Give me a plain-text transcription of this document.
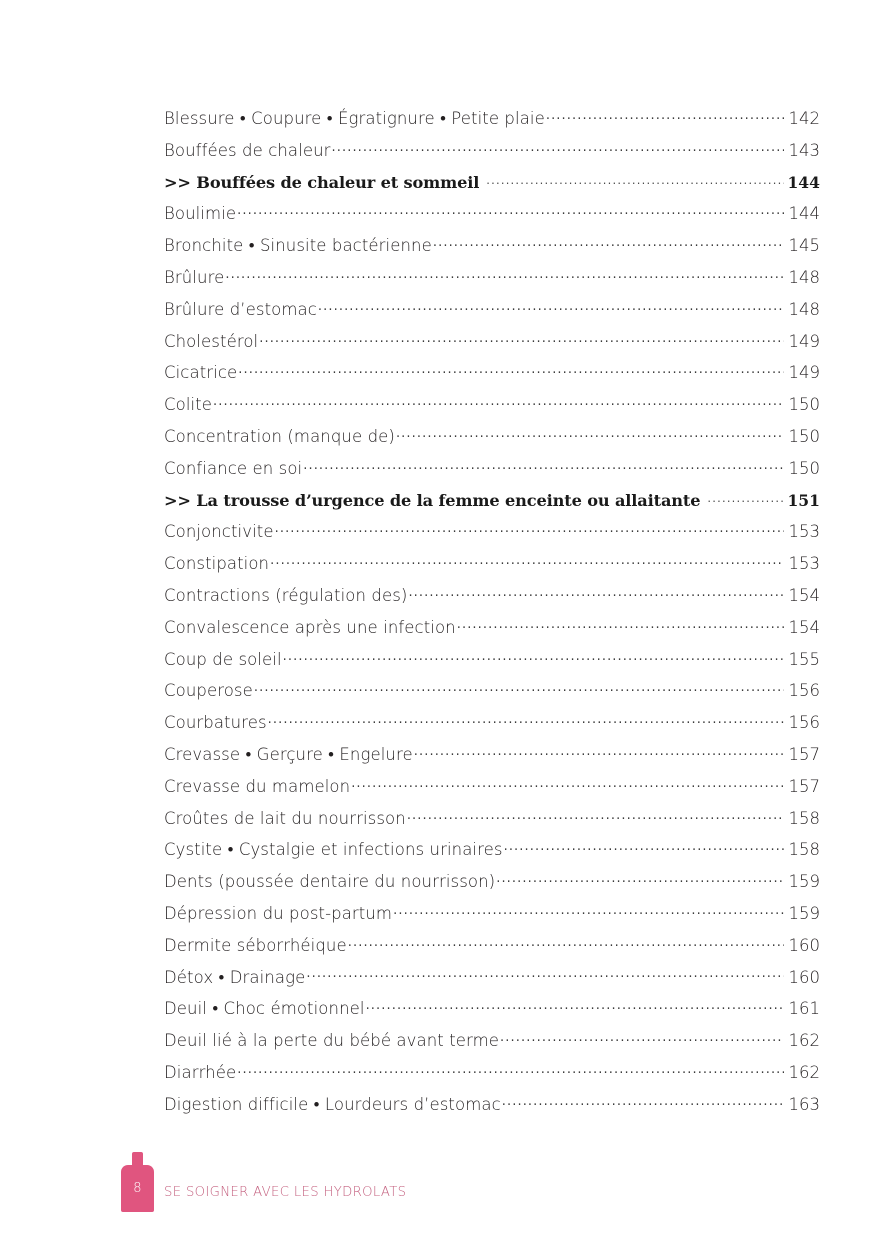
Blessure • Coupure • Égratignure • Petite plaie .....	142
Bouffées de chaleur .....	143
>> Bouffées de chaleur et sommeil .....	144
Boulimie .....	144
Bronchite • Sinusite bactérienne .....	145
Brûlure .....	148
Brûlure d’estomac .....	148
Cholestérol .....	149
Cicatrice .....	149
Colite .....	150
Concentration (manque de) .....	150
Confiance en soi .....	150
>> La trousse d’urgence de la femme enceinte ou allaitante .....	151
Conjonctivite .....	153
Constipation .....	153
Contractions (régulation des) .....	154
Convalescence après une infection .....	154
Coup de soleil .....	155
Couperose .....	156
Courbatures .....	156
Crevasse • Gerçure • Engelure .....	157
Crevasse du mamelon .....	157
Croûtes de lait du nourrisson .....	158
Cystite • Cystalgie et infections urinaires .....	158
Dents (poussée dentaire du nourrisson) .....	159
Dépression du post-partum .....	159
Dermite séborrhéique .....	160
Détox • Drainage .....	160
Deuil • Choc émotionnel .....	161
Deuil lié à la perte du bébé avant terme .....	162
Diarrhée .....	162
Digestion difficile • Lourdeurs d’estomac .....	163
8	SE SOIGNER AVEC LES HYDROLATS
